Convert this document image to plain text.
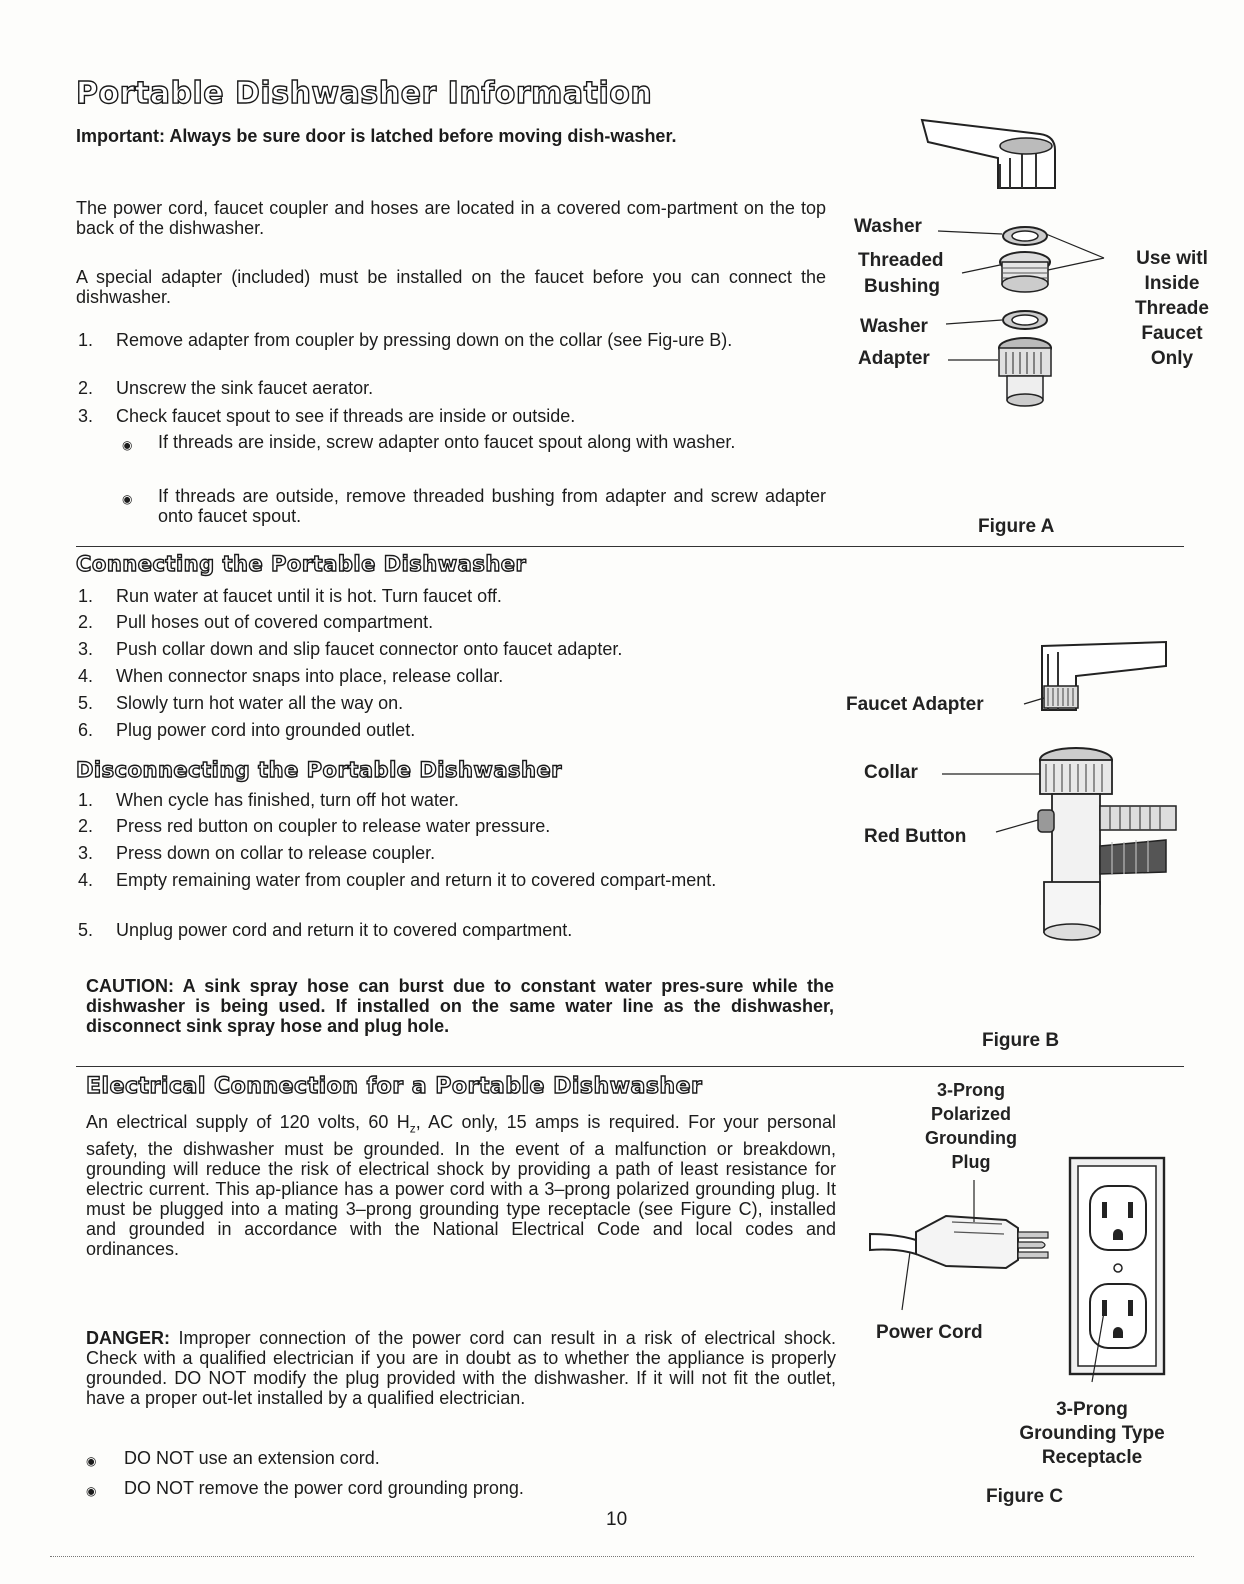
Portable Dishwasher Information
Important: Always be sure door is latched before moving dish-washer.
The power cord, faucet coupler and hoses are located in a covered com-partment on the top back of the dishwasher.
A special adapter (included) must be installed on the faucet before you can connect the dishwasher.
1. Remove adapter from coupler by pressing down on the collar (see Fig-ure B).
2. Unscrew the sink faucet aerator.
3. Check faucet spout to see if threads are inside or outside.
◉ If threads are inside, screw adapter onto faucet spout along with washer.
◉ If threads are outside, remove threaded bushing from adapter and screw adapter onto faucet spout.
Washer
Threaded
Bushing
Washer
Adapter
Use witl
Inside
Threade
Faucet
Only
Figure A
Connecting the Portable Dishwasher
1. Run water at faucet until it is hot. Turn faucet off.
2. Pull hoses out of covered compartment.
3. Push collar down and slip faucet connector onto faucet adapter.
4. When connector snaps into place, release collar.
5. Slowly turn hot water all the way on.
6. Plug power cord into grounded outlet.
Disconnecting the Portable Dishwasher
1. When cycle has finished, turn off hot water.
2. Press red button on coupler to release water pressure.
3. Press down on collar to release coupler.
4. Empty remaining water from coupler and return it to covered compart-ment.
5. Unplug power cord and return it to covered compartment.
CAUTION: A sink spray hose can burst due to constant water pres-sure while the dishwasher is being used. If installed on the same water line as the dishwasher, disconnect sink spray hose and plug hole.
Faucet Adapter
Collar
Red Button
Figure B
Electrical Connection for a Portable Dishwasher
An electrical supply of 120 volts, 60 $H_z$, AC only, 15 amps is required. For your personal safety, the dishwasher must be grounded. In the event of a malfunction or breakdown, grounding will reduce the risk of electrical shock by providing a path of least resistance for electric current. This ap-pliance has a power cord with a 3–prong polarized grounding plug. It must be plugged into a mating 3–prong grounding type receptacle (see Figure C), installed and grounded in accordance with the National Electrical Code and local codes and ordinances.
DANGER: Improper connection of the power cord can result in a risk of electrical shock. Check with a qualified electrician if you are in doubt as to whether the appliance is properly grounded. DO NOT modify the plug provided with the dishwasher. If it will not fit the outlet, have a proper out-let installed by a qualified electrician.
◉ DO NOT use an extension cord.
◉ DO NOT remove the power cord grounding prong.
3-Prong
Polarized
Grounding
Plug
Power Cord
3-Prong
Grounding Type
Receptacle
Figure C
10
